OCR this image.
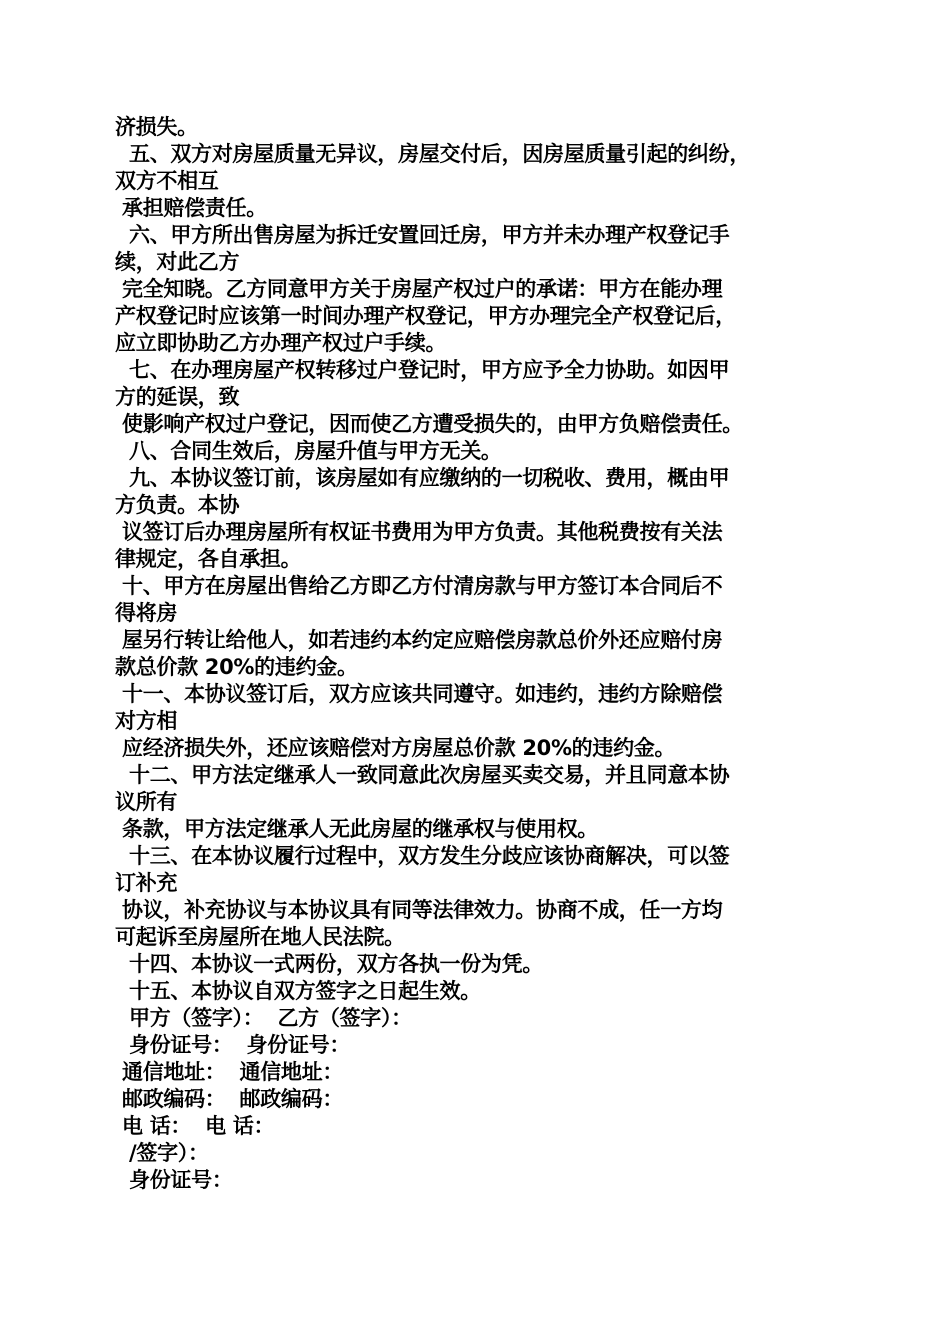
济损失。
五、双方对房屋质量无异议，房屋交付后，因房屋质量引起的纠纷，
双方不相互
承担赔偿责任。
六、甲方所出售房屋为拆迁安置回迁房，甲方并未办理产权登记手
续，对此乙方
完全知晓。乙方同意甲方关于房屋产权过户的承诺：甲方在能办理
产权登记时应该第一时间办理产权登记，甲方办理完全产权登记后，
应立即协助乙方办理产权过户手续。
七、在办理房屋产权转移过户登记时，甲方应予全力协助。如因甲
方的延误，致
使影响产权过户登记，因而使乙方遭受损失的，由甲方负赔偿责任。
八、合同生效后，房屋升值与甲方无关。
九、本协议签订前，该房屋如有应缴纳的一切税收、费用，概由甲
方负责。本协
议签订后办理房屋所有权证书费用为甲方负责。其他税费按有关法
律规定，各自承担。
十、甲方在房屋出售给乙方即乙方付清房款与甲方签订本合同后不
得将房
屋另行转让给他人，如若违约本约定应赔偿房款总价外还应赔付房
款总价款 20%的违约金。
十一、本协议签订后，双方应该共同遵守。如违约，违约方除赔偿
对方相
应经济损失外，还应该赔偿对方房屋总价款 20%的违约金。
十二、甲方法定继承人一致同意此次房屋买卖交易，并且同意本协
议所有
条款，甲方法定继承人无此房屋的继承权与使用权。
十三、在本协议履行过程中，双方发生分歧应该协商解决，可以签
订补充
协议，补充协议与本协议具有同等法律效力。协商不成，任一方均
可起诉至房屋所在地人民法院。
十四、本协议一式两份，双方各执一份为凭。
十五、本协议自双方签字之日起生效。
甲方（签字）：  乙方（签字）：
身份证号：  身份证号：
通信地址：  通信地址：
邮政编码：  邮政编码：
电 话：  电 话：
/签字）：
身份证号：
